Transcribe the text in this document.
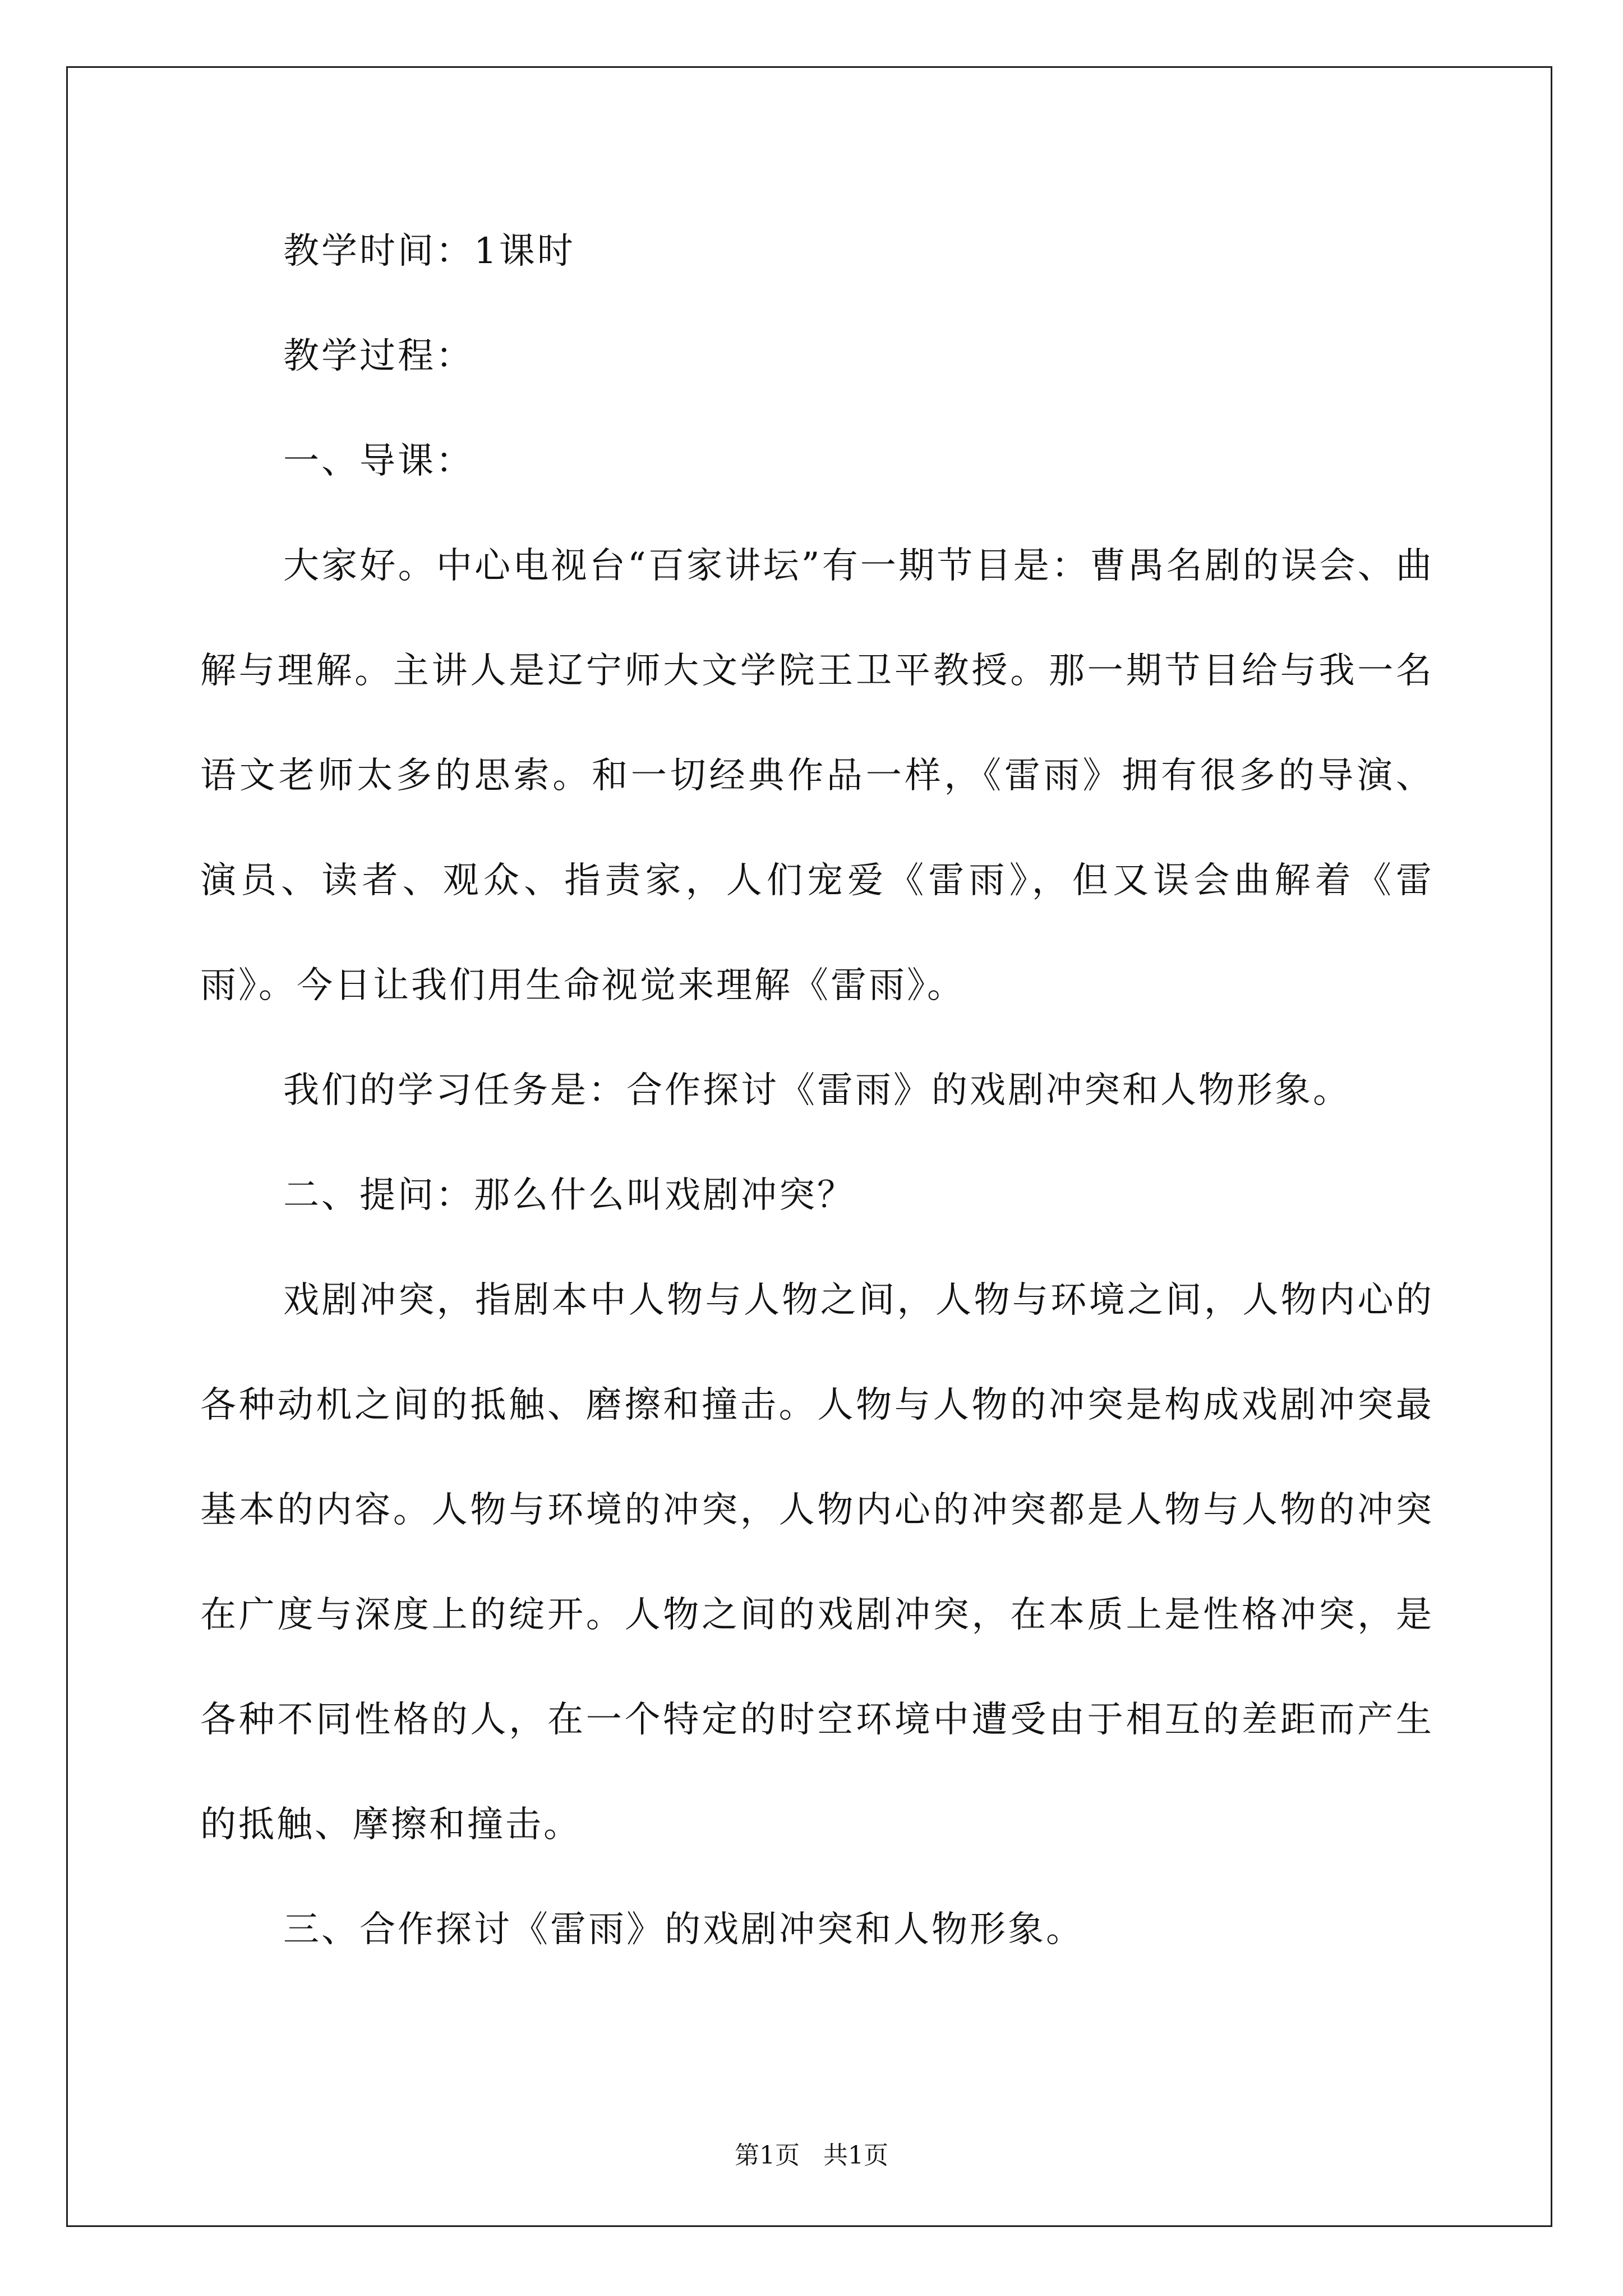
教学时间：1课时

教学过程：

一、导课：

大家好。中心电视台“百家讲坛”有一期节目是：曹禺名剧的误会、曲解与理解。主讲人是辽宁师大文学院王卫平教授。那一期节目给与我一名语文老师太多的思索。和一切经典作品一样，《雷雨》拥有很多的导演、演员、读者、观众、指责家，人们宠爱《雷雨》，但又误会曲解着《雷雨》。今日让我们用生命视觉来理解《雷雨》。

我们的学习任务是：合作探讨《雷雨》的戏剧冲突和人物形象。

二、提问：那么什么叫戏剧冲突？

戏剧冲突，指剧本中人物与人物之间，人物与环境之间，人物内心的各种动机之间的抵触、磨擦和撞击。人物与人物的冲突是构成戏剧冲突最基本的内容。人物与环境的冲突，人物内心的冲突都是人物与人物的冲突在广度与深度上的绽开。人物之间的戏剧冲突，在本质上是性格冲突，是各种不同性格的人，在一个特定的时空环境中遭受由于相互的差距而产生的抵触、摩擦和撞击。

三、合作探讨《雷雨》的戏剧冲突和人物形象。

第1页 共1页
